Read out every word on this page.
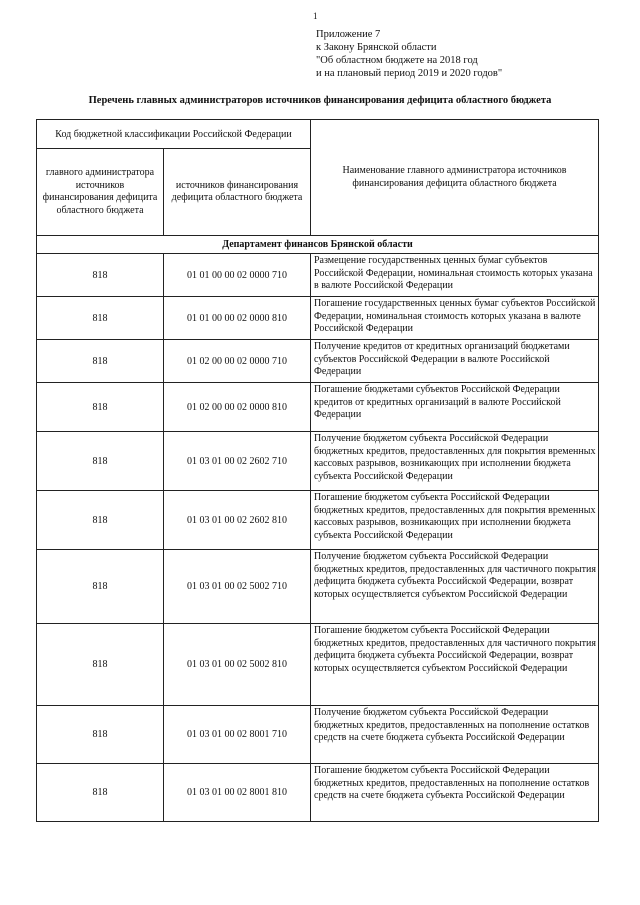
1
Приложение 7
к Закону Брянской области
"Об областном бюджете на 2018 год
и на плановый период 2019 и 2020 годов"
Перечень главных администраторов источников финансирования дефицита областного бюджета
Код бюджетной классификации Российской Федерации		Наименование главного администратора источников финансирования дефицита областного бюджета
главного администратора источников финансирования дефицита областного бюджета	источников финансирования дефицита областного бюджета	
Департамент финансов Брянской области		
818	01 01 00 00 02 0000 710	Размещение государственных ценных бумаг субъектов Российской Федерации, номинальная стоимость которых указана в валюте Российской Федерации
818	01 01 00 00 02 0000 810	Погашение государственных ценных бумаг субъектов Российской Федерации, номинальная стоимость которых указана в валюте Российской Федерации
818	01 02 00 00 02 0000 710	Получение кредитов от кредитных организаций бюджетами субъектов Российской Федерации в валюте Российской Федерации
818	01 02 00 00 02 0000 810	Погашение бюджетами субъектов Российской Федерации кредитов от кредитных организаций в валюте Российской Федерации
818	01 03 01 00 02 2602 710	Получение бюджетом субъекта Российской Федерации бюджетных кредитов, предоставленных для покрытия временных кассовых разрывов, возникающих при исполнении бюджета субъекта Российской Федерации
818	01 03 01 00 02 2602 810	Погашение бюджетом субъекта Российской Федерации бюджетных кредитов, предоставленных для покрытия временных кассовых разрывов, возникающих при исполнении бюджета субъекта Российской Федерации
818	01 03 01 00 02 5002 710	Получение бюджетом субъекта Российской Федерации бюджетных кредитов, предоставленных для частичного покрытия дефицита бюджета субъекта Российской Федерации, возврат которых осуществляется субъектом Российской Федерации
818	01 03 01 00 02 5002 810	Погашение бюджетом субъекта Российской Федерации бюджетных кредитов, предоставленных для частичного покрытия дефицита бюджета субъекта Российской Федерации, возврат которых осуществляется субъектом Российской Федерации
818	01 03 01 00 02 8001 710	Получение бюджетом субъекта Российской Федерации бюджетных кредитов, предоставленных на пополнение остатков средств на счете бюджета субъекта Российской Федерации
818	01 03 01 00 02 8001 810	Погашение бюджетом субъекта Российской Федерации бюджетных кредитов, предоставленных на пополнение остатков средств на счете бюджета субъекта Российской Федерации
